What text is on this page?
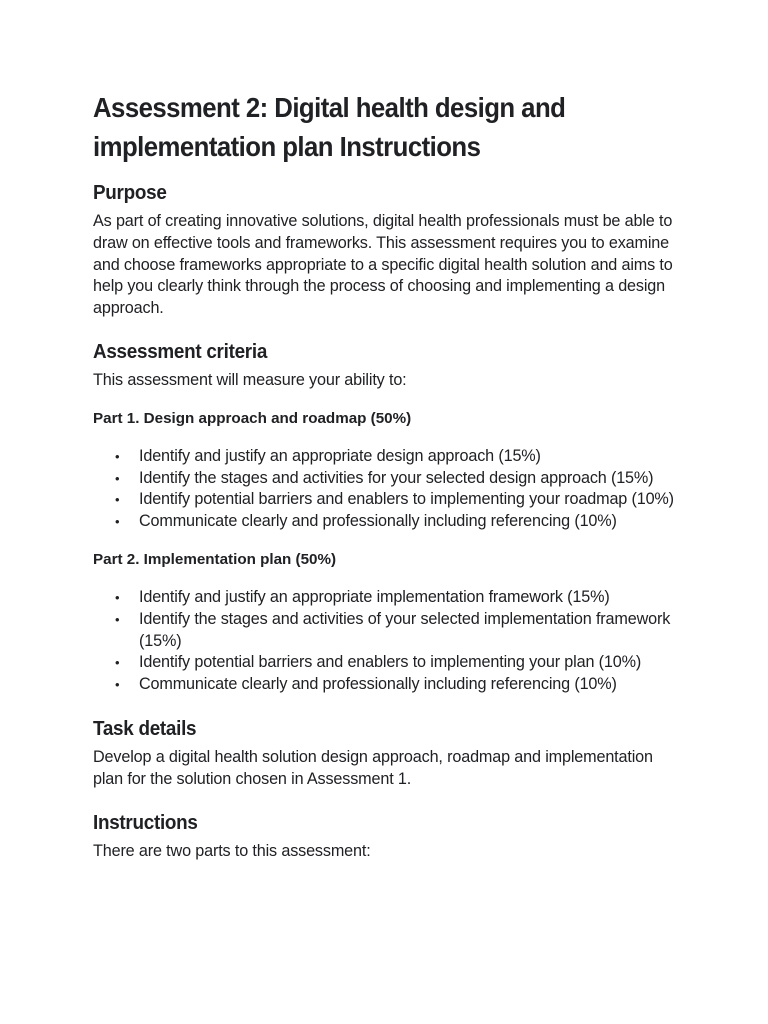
Assessment 2: Digital health design and implementation plan Instructions
Purpose

As part of creating innovative solutions, digital health professionals must be able to draw on effective tools and frameworks. This assessment requires you to examine and choose frameworks appropriate to a specific digital health solution and aims to help you clearly think through the process of choosing and implementing a design approach.

Assessment criteria

This assessment will measure your ability to:

Part 1. Design approach and roadmap (50%)

• Identify and justify an appropriate design approach (15%)
• Identify the stages and activities for your selected design approach (15%)
• Identify potential barriers and enablers to implementing your roadmap (10%)
• Communicate clearly and professionally including referencing (10%)

Part 2. Implementation plan (50%)

• Identify and justify an appropriate implementation framework (15%)
• Identify the stages and activities of your selected implementation framework (15%)
• Identify potential barriers and enablers to implementing your plan (10%)
• Communicate clearly and professionally including referencing (10%)
Task details

Develop a digital health solution design approach, roadmap and implementation plan for the solution chosen in Assessment 1.

Instructions

There are two parts to this assessment:
